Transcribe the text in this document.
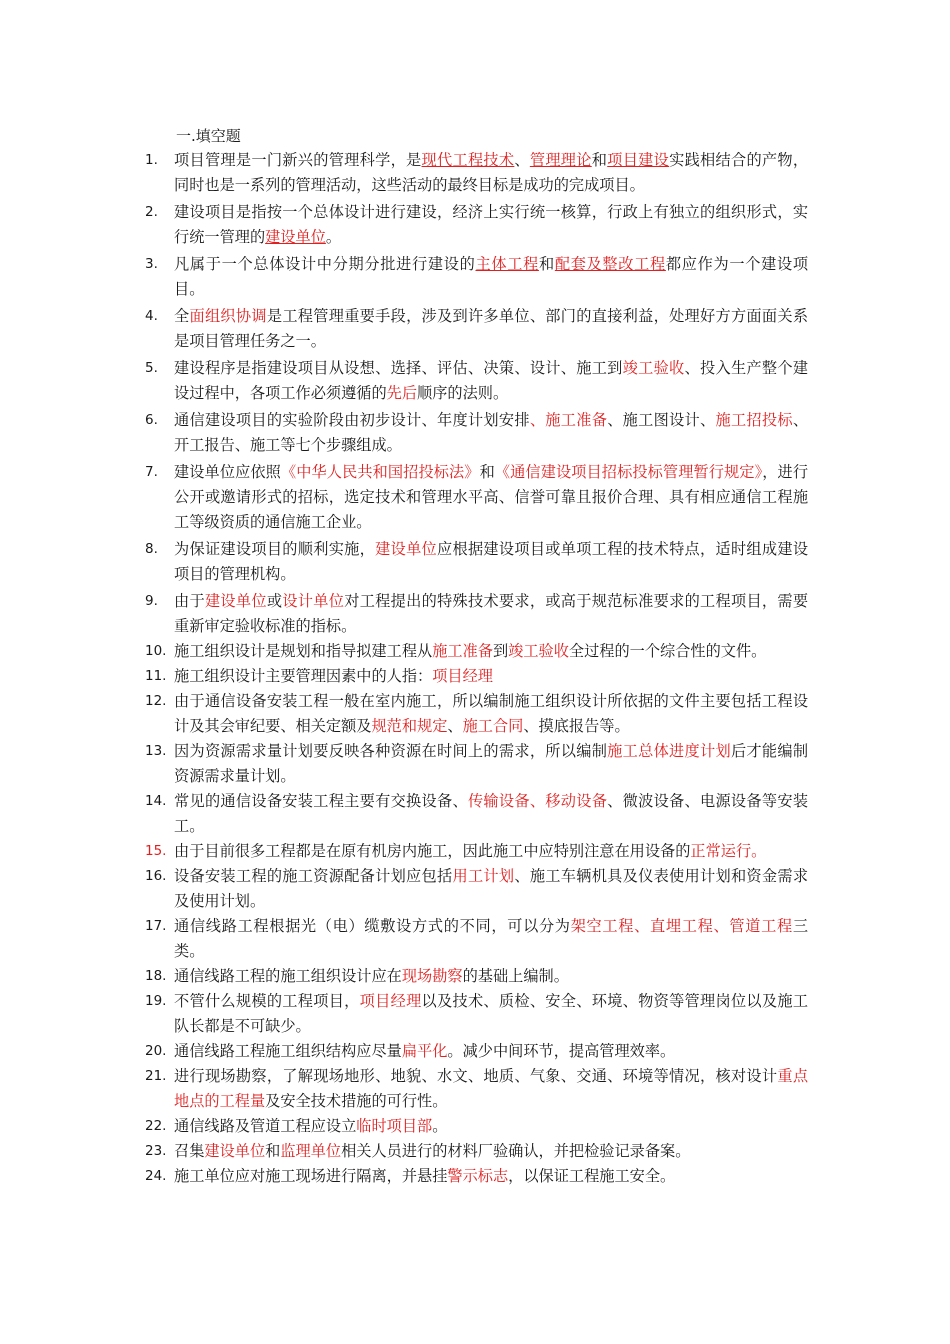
一.填空题
1. 项目管理是一门新兴的管理科学，是现代工程技术、管理理论和项目建设实践相结合的产物，同时也是一系列的管理活动，这些活动的最终目标是成功的完成项目。
2. 建设项目是指按一个总体设计进行建设，经济上实行统一核算，行政上有独立的组织形式，实行统一管理的建设单位。
3. 凡属于一个总体设计中分期分批进行建设的主体工程和配套及整改工程都应作为一个建设项目。
4. 全面组织协调是工程管理重要手段，涉及到许多单位、部门的直接利益，处理好方方面面关系是项目管理任务之一。
5. 建设程序是指建设项目从设想、选择、评估、决策、设计、施工到竣工验收、投入生产整个建设过程中，各项工作必须遵循的先后顺序的法则。
6. 通信建设项目的实验阶段由初步设计、年度计划安排、施工准备、施工图设计、施工招投标、开工报告、施工等七个步骤组成。
7. 建设单位应依照《中华人民共和国招投标法》和《通信建设项目招标投标管理暂行规定》，进行公开或邀请形式的招标，选定技术和管理水平高、信誉可靠且报价合理、具有相应通信工程施工等级资质的通信施工企业。
8. 为保证建设项目的顺利实施，建设单位应根据建设项目或单项工程的技术特点，适时组成建设项目的管理机构。
9. 由于建设单位或设计单位对工程提出的特殊技术要求，或高于规范标准要求的工程项目，需要重新审定验收标准的指标。
10. 施工组织设计是规划和指导拟建工程从施工准备到竣工验收全过程的一个综合性的文件。
11. 施工组织设计主要管理因素中的人指：项目经理
12. 由于通信设备安装工程一般在室内施工，所以编制施工组织设计所依据的文件主要包括工程设计及其会审纪要、相关定额及规范和规定、施工合同、摸底报告等。
13. 因为资源需求量计划要反映各种资源在时间上的需求，所以编制施工总体进度计划后才能编制资源需求量计划。
14. 常见的通信设备安装工程主要有交换设备、传输设备、移动设备、微波设备、电源设备等安装工。
15. 由于目前很多工程都是在原有机房内施工，因此施工中应特别注意在用设备的正常运行。
16. 设备安装工程的施工资源配备计划应包括用工计划、施工车辆机具及仪表使用计划和资金需求及使用计划。
17. 通信线路工程根据光（电）缆敷设方式的不同，可以分为架空工程、直埋工程、管道工程三类。
18. 通信线路工程的施工组织设计应在现场勘察的基础上编制。
19. 不管什么规模的工程项目，项目经理以及技术、质检、安全、环境、物资等管理岗位以及施工队长都是不可缺少。
20. 通信线路工程施工组织结构应尽量扁平化。减少中间环节，提高管理效率。
21. 进行现场勘察，了解现场地形、地貌、水文、地质、气象、交通、环境等情况，核对设计重点地点的工程量及安全技术措施的可行性。
22. 通信线路及管道工程应设立临时项目部。
23. 召集建设单位和监理单位相关人员进行的材料厂验确认，并把检验记录备案。
24. 施工单位应对施工现场进行隔离，并悬挂警示标志，以保证工程施工安全。
